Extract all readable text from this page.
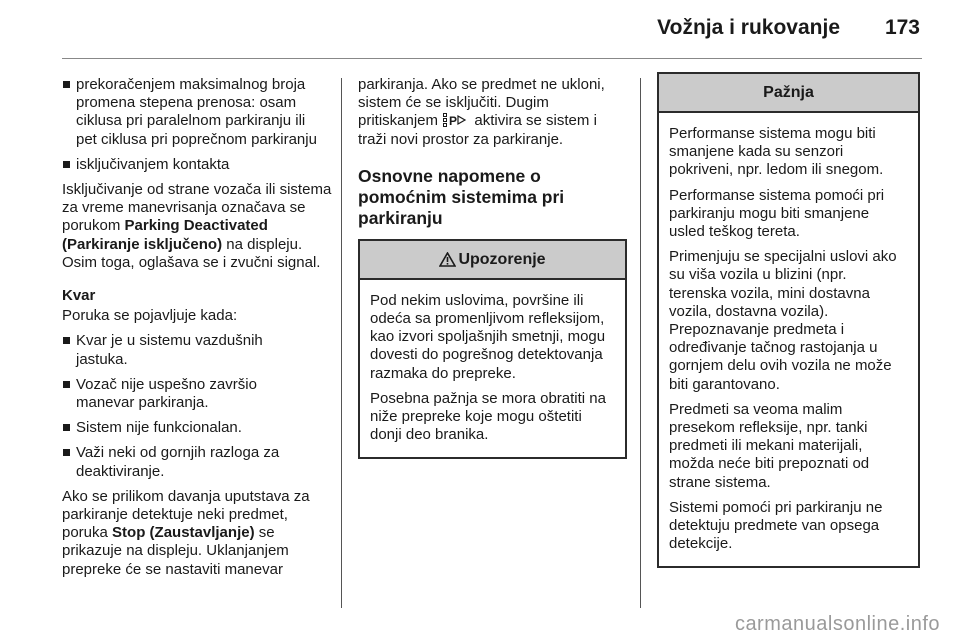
Vožnja i rukovanje 173
prekoračenjem maksimalnog broja promena stepena prenosa: osam ciklusa pri paralelnom parkiranju ili pet ciklusa pri poprečnom parkiranju
isključivanjem kontakta

Isključivanje od strane vozača ili sistema za vreme manevrisanja označava se porukom Parking Deactivated (Parkiranje isključeno) na displeju. Osim toga, oglašava se i zvučni signal.

Kvar

Poruka se pojavljuje kada:

Kvar je u sistemu vazdušnih jastuka.
Vozač nije uspešno završio manevar parkiranja.
Sistem nije funkcionalan.
Važi neki od gornjih razloga za deaktiviranje.

Ako se prilikom davanja uputstava za parkiranje detektuje neki predmet, poruka Stop (Zaustavljanje) se prikazuje na displeju. Uklanjanjem prepreke će se nastaviti manevar

parkiranja. Ako se predmet ne ukloni, sistem će se isključiti. Dugim pritiskanjem P aktivira se sistem i traži novi prostor za parkiranje.

Osnovne napomene o pomoćnim sistemima pri parkiranju
Upozorenje

Pod nekim uslovima, površine ili odeća sa promenljivom refleksijom, kao izvori spoljašnjih smetnji, mogu dovesti do pogrešnog detektovanja razmaka do prepreke.

Posebna pažnja se mora obratiti na niže prepreke koje mogu oštetiti donji deo branika.

Pažnja

Performanse sistema mogu biti smanjene kada su senzori pokriveni, npr. ledom ili snegom.

Performanse sistema pomoći pri parkiranju mogu biti smanjene usled teškog tereta.

Primenjuju se specijalni uslovi ako su viša vozila u blizini (npr. terenska vozila, mini dostavna vozila, dostavna vozila). Prepoznavanje predmeta i određivanje tačnog rastojanja u gornjem delu ovih vozila ne može biti garantovano.

Predmeti sa veoma malim presekom refleksije, npr. tanki predmeti ili mekani materijali, možda neće biti prepoznati od strane sistema.

Sistemi pomoći pri parkiranju ne detektuju predmete van opsega detekcije.

carmanualsonline.info
